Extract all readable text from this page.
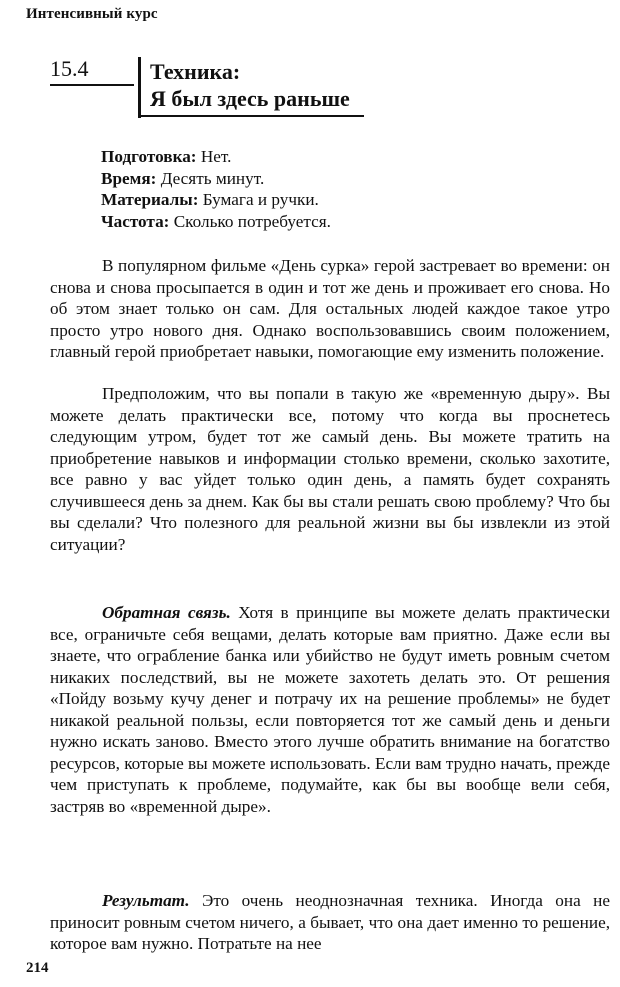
Интенсивный курс
15.4	Техника:
Я был здесь раньше
Подготовка: Нет.
Время: Десять минут.
Материалы: Бумага и ручки.
Частота: Сколько потребуется.

В популярном фильме «День сурка» герой застревает во времени: он снова и снова просыпается в один и тот же день и проживает его снова. Но об этом знает только он сам. Для остальных людей каждое такое утро просто утро нового дня. Однако воспользовавшись своим положением, главный герой приобретает навыки, помогающие ему изменить положение.

Предположим, что вы попали в такую же «временную дыру». Вы можете делать практически все, потому что когда вы проснетесь следующим утром, будет тот же самый день. Вы можете тратить на приобретение навыков и информации столько времени, сколько захотите, все равно у вас уйдет только один день, а память будет сохранять случившееся день за днем. Как бы вы стали решать свою проблему? Что бы вы сделали? Что полезного для реальной жизни вы бы извлекли из этой ситуации?

Обратная связь. Хотя в принципе вы можете делать практически все, ограничьте себя вещами, делать которые вам приятно. Даже если вы знаете, что ограбление банка или убийство не будут иметь ровным счетом никаких последствий, вы не можете захотеть делать это. От решения «Пойду возьму кучу денег и потрачу их на решение проблемы» не будет никакой реальной пользы, если повторяется тот же самый день и деньги нужно искать заново. Вместо этого лучше обратить внимание на богатство ресурсов, которые вы можете использовать. Если вам трудно начать, прежде чем приступать к проблеме, подумайте, как бы вы вообще вели себя, застряв во «временной дыре».

Результат. Это очень неоднозначная техника. Иногда она не приносит ровным счетом ничего, а бывает, что она дает именно то решение, которое вам нужно. Потратьте на нее

214
